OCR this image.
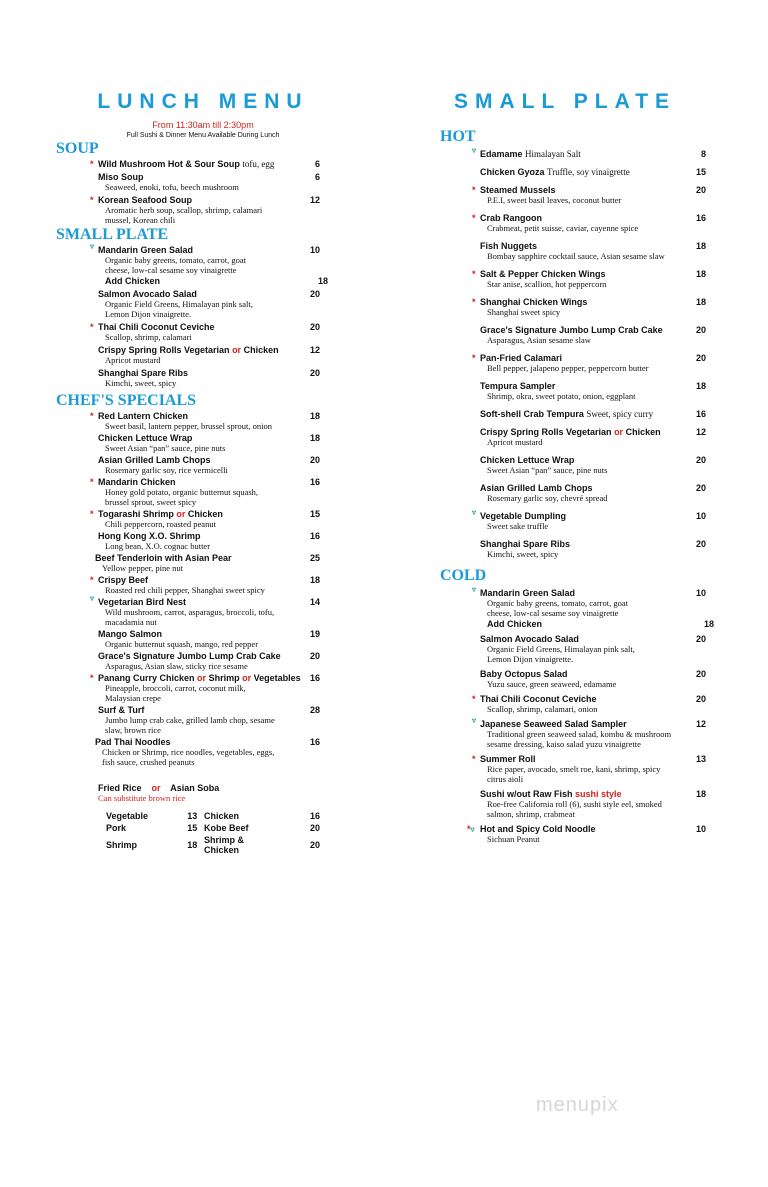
LUNCH MENU
From 11:30am till 2:30pm
Full Sushi & Dinner Menu Available During Lunch
SOUP
* Wild Mushroom Hot & Sour Soup tofu, egg	6
Miso Soup	6
Seaweed, enoki, tofu, beech mushroom
* Korean Seafood Soup	12
Aromatic herb soup, scallop, shrimp, calamari
mussel, Korean chili
SMALL PLATE
▿ Mandarin Green Salad	10
Organic baby greens, tomato, carrot, goat
cheese, low-cal sesame soy vinaigrette
Add Chicken	18
Salmon Avocado Salad	20
Organic Field Greens, Himalayan pink salt,
Lemon Dijon vinaigrette.
* Thai Chili Coconut Ceviche	20
Scallop, shrimp, calamari
Crispy Spring Rolls Vegetarian or Chicken	12
Apricot mustard
Shanghai Spare Ribs	20
Kimchi, sweet, spicy
CHEF'S SPECIALS
* Red Lantern Chicken	18
Sweet basil, lantern pepper, brussel sprout, onion
Chicken Lettuce Wrap	18
Sweet Asian “pan” sauce, pine nuts
Asian Grilled Lamb Chops	20
Rosemary garlic soy, rice vermicelli
* Mandarin Chicken	16
Honey gold potato, organic butternut squash,
brussel sprout, sweet spicy
* Togarashi Shrimp or Chicken	15
Chili peppercorn, roasted peanut
Hong Kong X.O. Shrimp	16
Long bean, X.O. cognac butter
Beef Tenderloin with Asian Pear	25
Yellow pepper, pine nut
* Crispy Beef	18
Roasted red chili pepper, Shanghai sweet spicy
▿ Vegetarian Bird Nest	14
Wild mushroom, carrot, asparagus, broccoli, tofu,
macadamia nut
Mango Salmon	19
Organic butternut squash, mango, red pepper
Grace's Signature Jumbo Lump Crab Cake	20
Asparagus, Asian slaw, sticky rice sesame
* Panang Curry Chicken or Shrimp or Vegetables	16
Pineapple, broccoli, carrot, coconut milk,
Malaysian crepe
Surf & Turf	28
Jumbo lump crab cake, grilled lamb chop, sesame
slaw, brown rice
Pad Thai Noodles	16
Chicken or Shrimp, rice noodles, vegetables, eggs,
fish sauce, crushed peanuts
Fried Rice or Asian Soba
Can substitute brown rice
Vegetable	13	Chicken	16
Pork	15	Kobe Beef	20
Shrimp	18	Shrimp & Chicken	20
SMALL PLATE
HOT
▿ Edamame Himalayan Salt	8
Chicken Gyoza Truffle, soy vinaigrette	15
* Steamed Mussels	20
P.E.I, sweet basil leaves, coconut butter
* Crab Rangoon	16
Crabmeat, petit suisse, caviar, cayenne spice
Fish Nuggets	18
Bombay sapphire cocktail sauce, Asian sesame slaw
* Salt & Pepper Chicken Wings	18
Star anise, scallion, hot peppercorn
* Shanghai Chicken Wings	18
Shanghai sweet spicy
Grace's Signature Jumbo Lump Crab Cake	20
Asparagus, Asian sesame slaw
* Pan-Fried Calamari	20
Bell pepper, jalapeno pepper, peppercorn butter
Tempura Sampler	18
Shrimp, okra, sweet potato, onion, eggplant
Soft-shell Crab Tempura Sweet, spicy curry	16
Crispy Spring Rolls Vegetarian or Chicken	12
Apricot mustard
Chicken Lettuce Wrap	20
Sweet Asian “pan” sauce, pine nuts
Asian Grilled Lamb Chops	20
Rosemary garlic soy, chevré spread
▿ Vegetable Dumpling	10
Sweet sake truffle
Shanghai Spare Ribs	20
Kimchi, sweet, spicy
COLD
▿ Mandarin Green Salad	10
Organic baby greens, tomato, carrot, goat
cheese, low-cal sesame soy vinaigrette
Add Chicken	18
Salmon Avocado Salad	20
Organic Field Greens, Himalayan pink salt,
Lemon Dijon vinaigrette.
Baby Octopus Salad	20
Yuzu sauce, green seaweed, edamame
* Thai Chili Coconut Ceviche	20
Scallop, shrimp, calamari, onion
▿ Japanese Seaweed Salad Sampler	12
Traditional green seaweed salad, kombu & mushroom
sesame dressing, kaiso salad yuzu vinaigrette
* Summer Roll	13
Rice paper, avocado, smelt roe, kani, shrimp, spicy
citrus aioli
Sushi w/out Raw Fish sushi style	18
Roe-free California roll (6), sushi style eel, smoked
salmon, shrimp, crabmeat
*▿ Hot and Spicy Cold Noodle	10
Sichuan Peanut
menupix
